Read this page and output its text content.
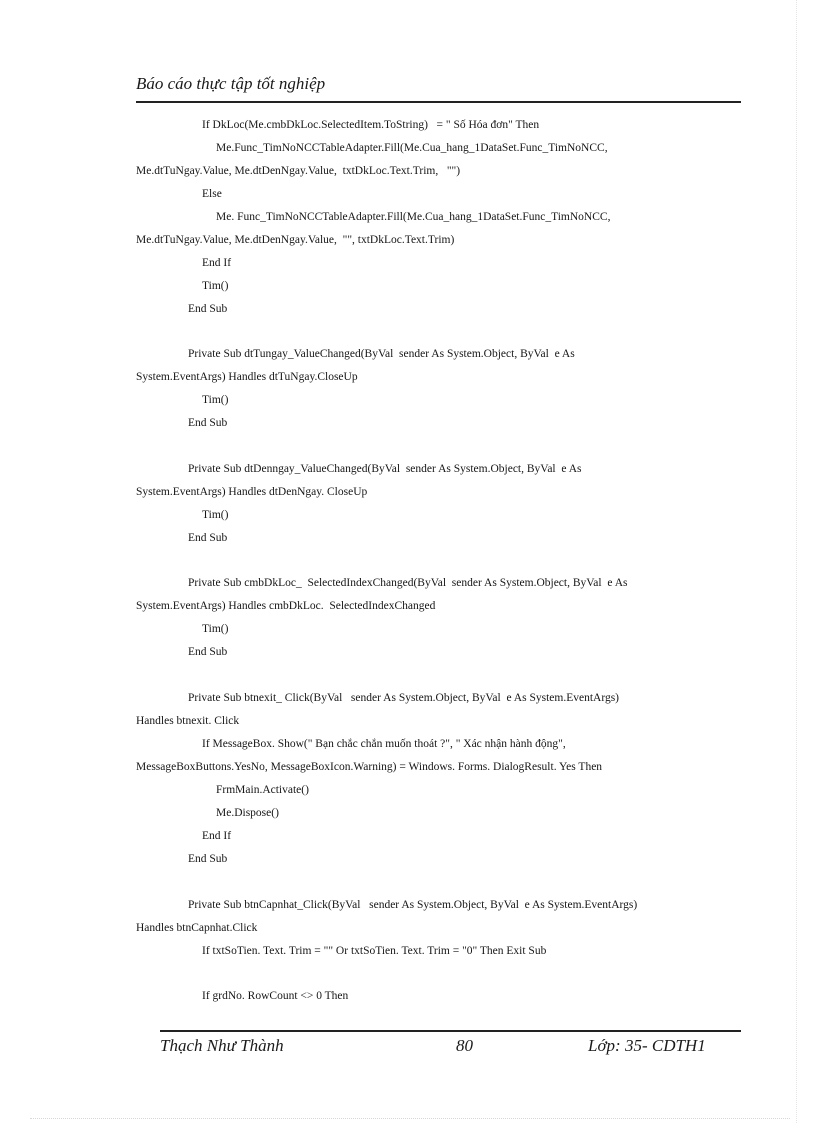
Báo cáo thực tập tốt nghiệp
If DkLoc(Me.cmbDkLoc.SelectedItem.ToString)   = " Số Hóa đơn" Then
Me.Func_TimNoNCCTableAdapter.Fill(Me.Cua_hang_1DataSet.Func_TimNoNCC,
Me.dtTuNgay.Value, Me.dtDenNgay.Value,  txtDkLoc.Text.Trim,   "")
Else
Me. Func_TimNoNCCTableAdapter.Fill(Me.Cua_hang_1DataSet.Func_TimNoNCC,
Me.dtTuNgay.Value, Me.dtDenNgay.Value,  "", txtDkLoc.Text.Trim)
End If
Tim()
End Sub
Private Sub dtTungay_ValueChanged(ByVal  sender As System.Object, ByVal  e As
System.EventArgs) Handles dtTuNgay.CloseUp
Tim()
End Sub
Private Sub dtDenngay_ValueChanged(ByVal  sender As System.Object, ByVal  e As
System.EventArgs) Handles dtDenNgay. CloseUp
Tim()
End Sub
Private Sub cmbDkLoc_  SelectedIndexChanged(ByVal  sender As System.Object, ByVal  e As
System.EventArgs) Handles cmbDkLoc.  SelectedIndexChanged
Tim()
End Sub
Private Sub btnexit_ Click(ByVal   sender As System.Object, ByVal  e As System.EventArgs)
Handles btnexit. Click
If MessageBox. Show(" Bạn chắc chắn muốn thoát ?", " Xác nhận hành động",
MessageBoxButtons.YesNo, MessageBoxIcon.Warning) = Windows. Forms. DialogResult. Yes Then
FrmMain.Activate()
Me.Dispose()
End If
End Sub
Private Sub btnCapnhat_Click(ByVal   sender As System.Object, ByVal  e As System.EventArgs)
Handles btnCapnhat.Click
If txtSoTien. Text. Trim = "" Or txtSoTien. Text. Trim = "0" Then Exit Sub
If grdNo. RowCount <> 0 Then
Thạch Như Thành	80	Lớp: 35- CDTH1
